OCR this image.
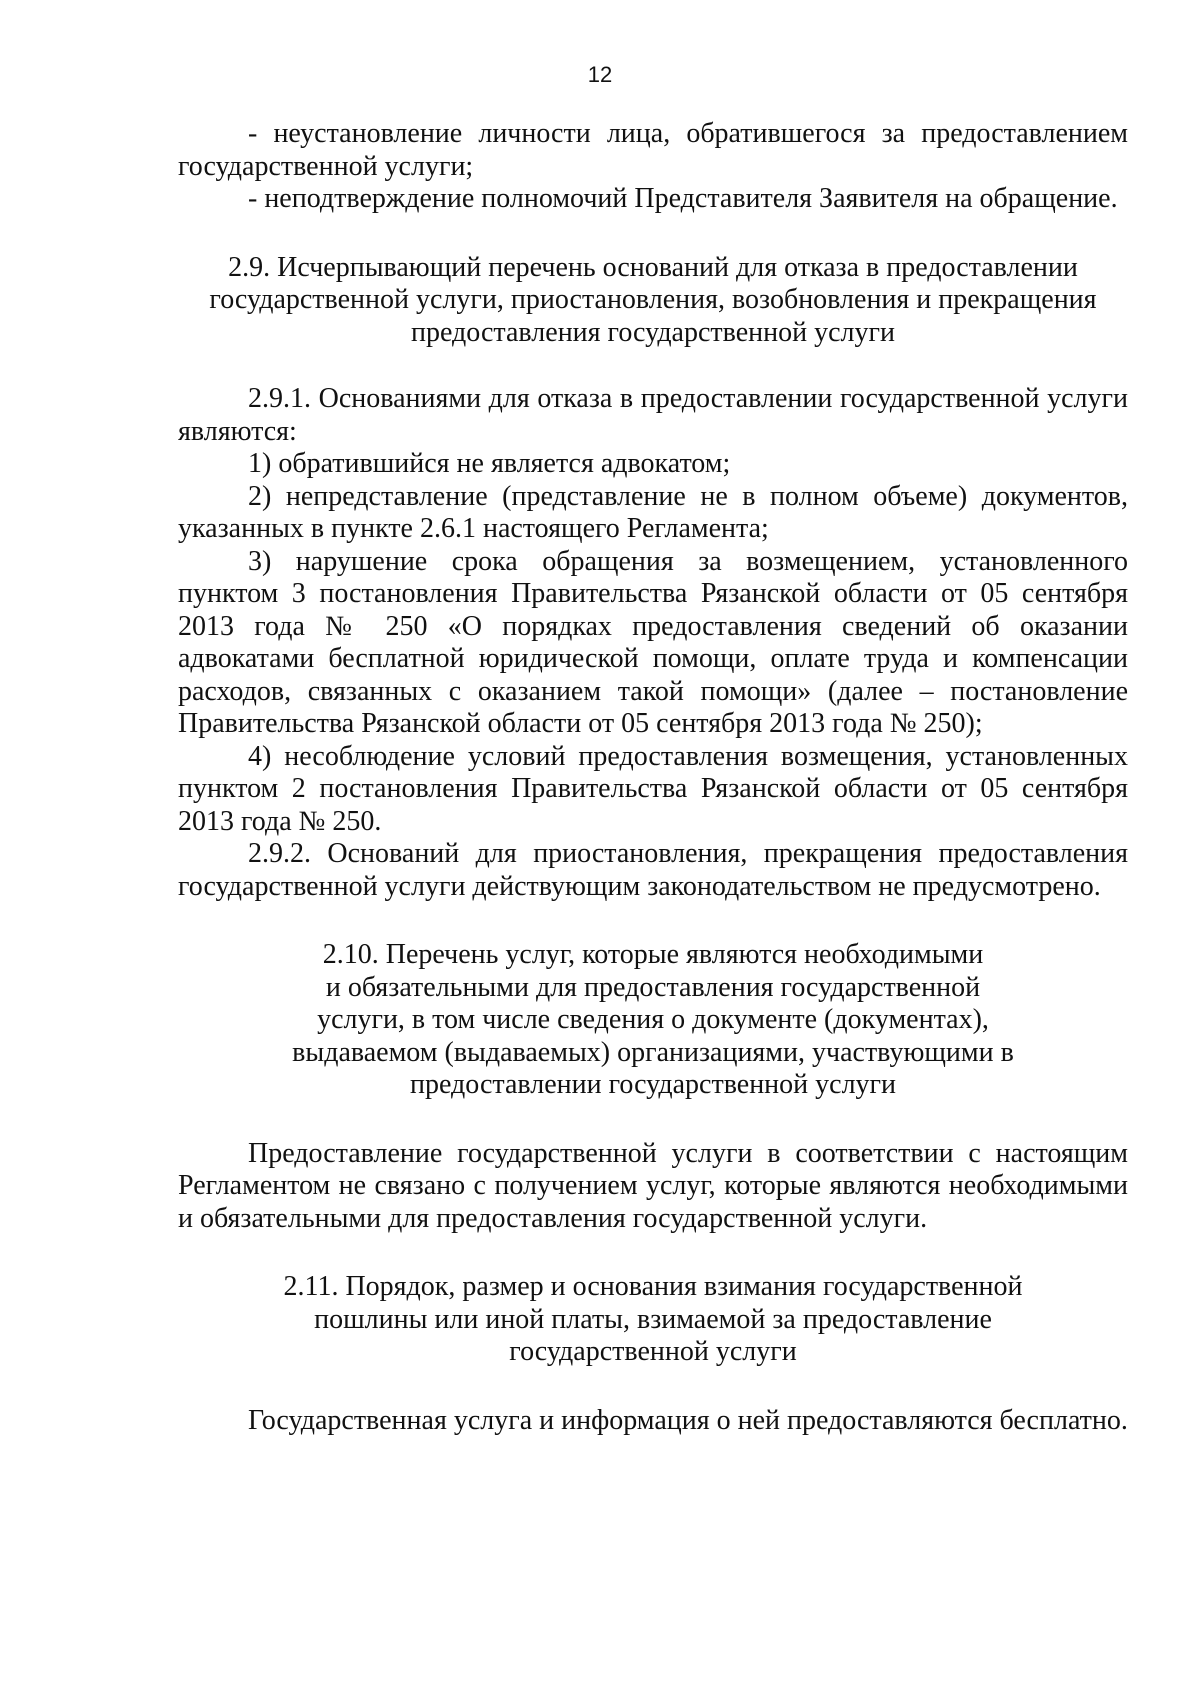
12

- неустановление личности лица, обратившегося за предоставлением государственной услуги;

- неподтверждение полномочий Представителя Заявителя на обращение.

2.9. Исчерпывающий перечень оснований для отказа в предоставлении
государственной услуги, приостановления, возобновления и прекращения
предоставления государственной услуги

2.9.1. Основаниями для отказа в предоставлении государственной услуги являются:

1) обратившийся не является адвокатом;

2) непредставление (представление не в полном объеме) документов, указанных в пункте 2.6.1 настоящего Регламента;

3) нарушение срока обращения за возмещением, установленного пунктом 3 постановления Правительства Рязанской области от 05 сентября 2013 года № 250 «О порядках предоставления сведений об оказании адвокатами бесплатной юридической помощи, оплате труда и компенсации расходов, связанных с оказанием такой помощи» (далее – постановление Правительства Рязанской области от 05 сентября 2013 года № 250);

4) несоблюдение условий предоставления возмещения, установленных пунктом 2 постановления Правительства Рязанской области от 05 сентября 2013 года № 250.

2.9.2. Оснований для приостановления, прекращения предоставления государственной услуги действующим законодательством не предусмотрено.

2.10. Перечень услуг, которые являются необходимыми
и обязательными для предоставления государственной
услуги, в том числе сведения о документе (документах),
выдаваемом (выдаваемых) организациями, участвующими в
предоставлении государственной услуги

Предоставление государственной услуги в соответствии с настоящим Регламентом не связано с получением услуг, которые являются необходимыми и обязательными для предоставления государственной услуги.

2.11. Порядок, размер и основания взимания государственной
пошлины или иной платы, взимаемой за предоставление
государственной услуги

Государственная услуга и информация о ней предоставляются бесплатно.
